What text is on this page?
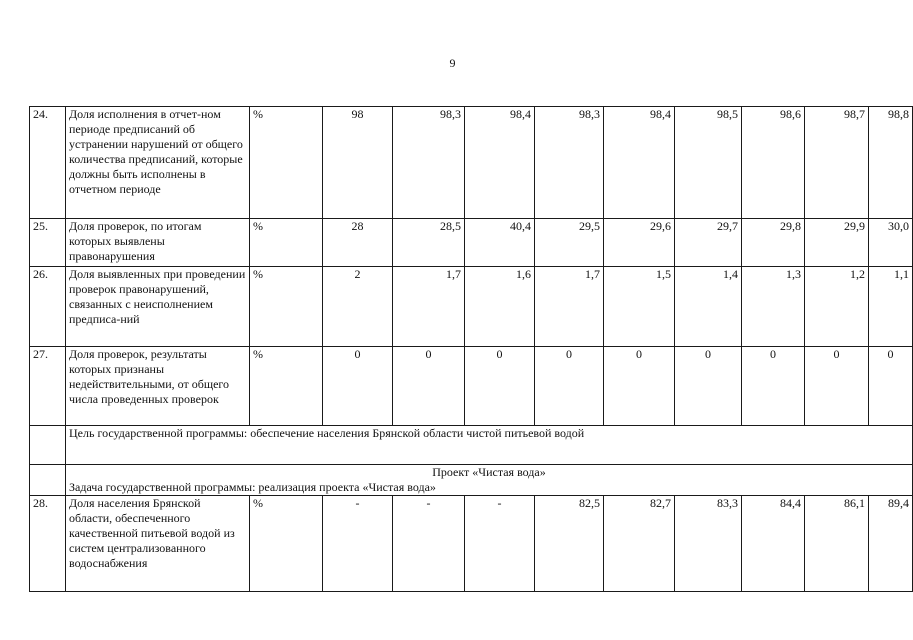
9
24.	Доля исполнения в отчет-ном периоде предписаний об устранении нарушений от общего количества предписаний, которые должны быть исполнены в отчетном периоде	%	98	98,3	98,4	98,3	98,4	98,5	98,6	98,7	98,8
25.	Доля проверок, по итогам которых выявлены правонарушения	%	28	28,5	40,4	29,5	29,6	29,7	29,8	29,9	30,0
26.	Доля выявленных при проведении проверок правонарушений, связанных с неисполнением предписа-ний	%	2	1,7	1,6	1,7	1,5	1,4	1,3	1,2	1,1
27.	Доля проверок, результаты которых признаны недействительными, от общего числа проведенных проверок	%	0	0	0	0	0	0	0	0	0
	Цель государственной программы: обеспечение населения Брянской области чистой питьевой водой										

	Проект «Чистая вода»
Задача государственной программы: реализация проекта «Чистая вода»										

28.	Доля населения Брянской области, обеспеченного качественной питьевой водой из систем централизованного водоснабжения	%	-	-	-	82,5	82,7	83,3	84,4	86,1	89,4
